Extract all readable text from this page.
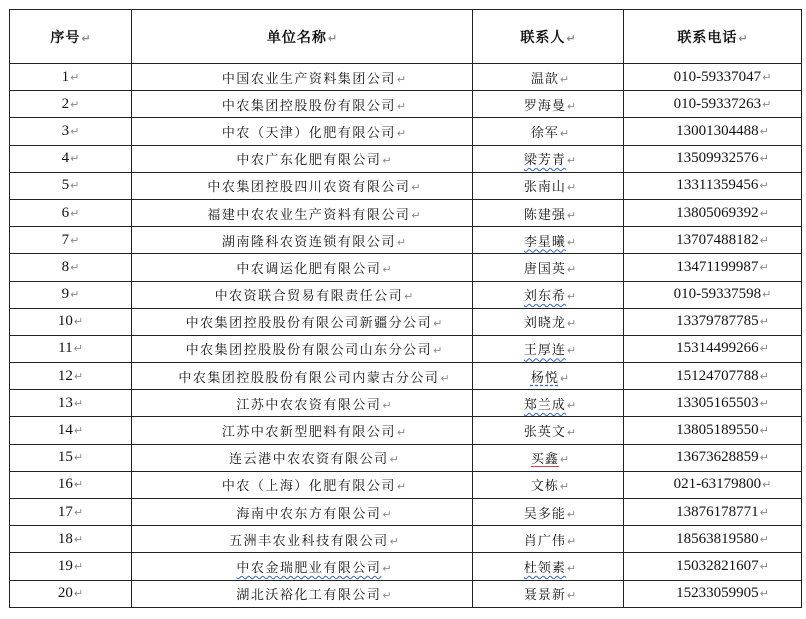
序号↵	单位名称↵	联系人↵	联系电话↵
1↵	中国农业生产资料集团公司↵	温歆↵	010-59337047↵
2↵	中农集团控股股份有限公司↵	罗海曼↵	010-59337263↵
3↵	中农（天津）化肥有限公司↵	徐军↵	13001304488↵
4↵	中农广东化肥有限公司↵	梁芳青↵	13509932576↵
5↵	中农集团控股四川农资有限公司↵	张南山↵	13311359456↵
6↵	福建中农农业生产资料有限公司↵	陈建强↵	13805069392↵
7↵	湖南隆科农资连锁有限公司↵	李星曦↵	13707488182↵
8↵	中农调运化肥有限公司↵	唐国英↵	13471199987↵
9↵	中农资联合贸易有限责任公司↵	刘东希↵	010-59337598↵
10↵	中农集团控股股份有限公司新疆分公司↵	刘晓龙↵	13379787785↵
11↵	中农集团控股股份有限公司山东分公司↵	王厚连↵	15314499266↵
12↵	中农集团控股股份有限公司内蒙古分公司↵	杨悦↵	15124707788↵
13↵	江苏中农农资有限公司↵	郑兰成↵	13305165503↵
14↵	江苏中农新型肥料有限公司↵	张英文↵	13805189550↵
15↵	连云港中农农资有限公司↵	买鑫↵	13673628859↵
16↵	中农（上海）化肥有限公司↵	文栋↵	021-63179800↵
17↵	海南中农东方有限公司↵	吴多能↵	13876178771↵
18↵	五洲丰农业科技有限公司↵	肖广伟↵	18563819580↵
19↵	中农金瑞肥业有限公司↵	杜领素↵	15032821607↵
20↵	湖北沃裕化工有限公司↵	聂景新↵	15233059905↵
